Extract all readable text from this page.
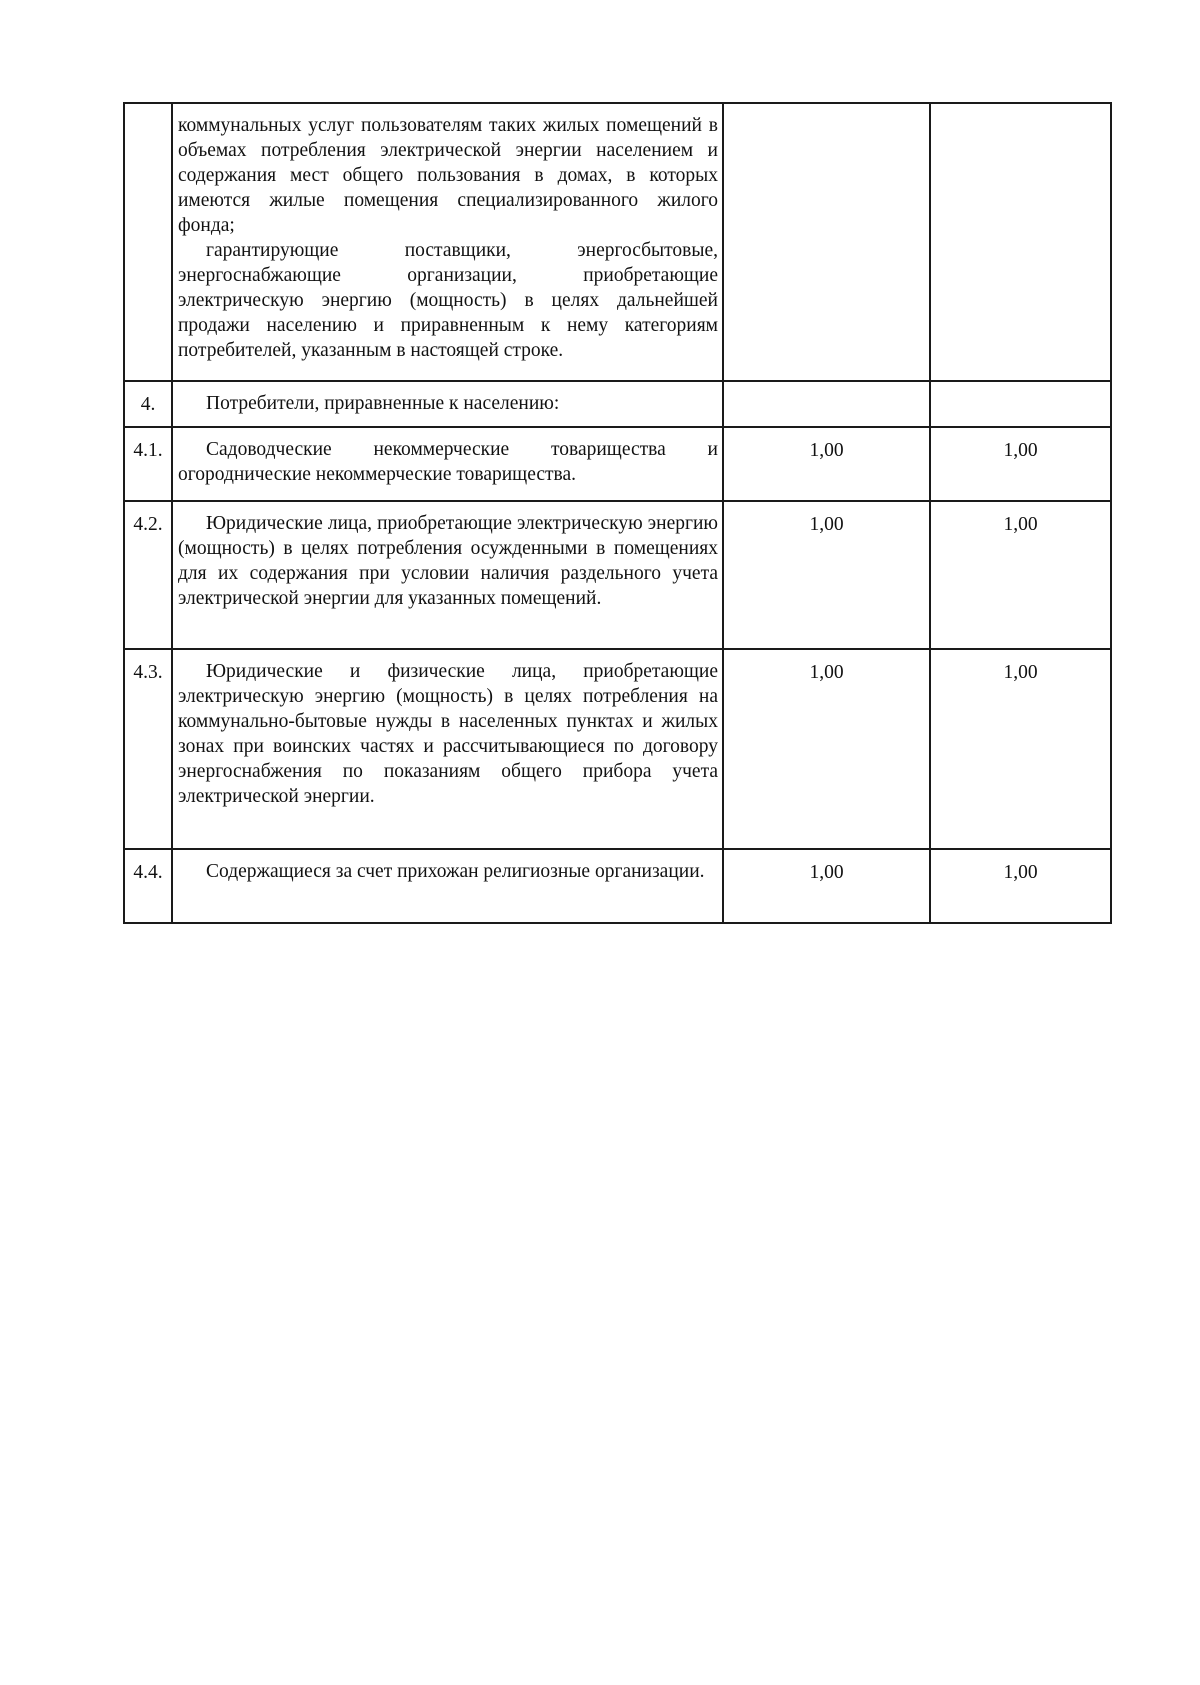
	коммунальных услуг пользователям таких жилых помещений в объемах потребления электрической энергии населением и содержания мест общего пользования в домах, в которых имеются жилые помещения специализированного жилого фонда;

гарантирующие поставщики, энергосбытовые, энергоснабжающие организации, приобретающие электрическую энергию (мощность) в целях дальнейшей продажи населению и приравненным к нему категориям потребителей, указанным в настоящей строке.		

4.	Потребители, приравненные к населению:		
4.1.	Садоводческие некоммерческие товарищества и огороднические некоммерческие товарищества.	1,00	1,00
4.2.	Юридические лица, приобретающие электрическую энергию (мощность) в целях потребления осужденными в помещениях для их содержания при условии наличия раздельного учета электрической энергии для указанных помещений.	1,00	1,00
4.3.	Юридические и физические лица, приобретающие электрическую энергию (мощность) в целях потребления на коммунально-бытовые нужды в населенных пунктах и жилых зонах при воинских частях и рассчитывающиеся по договору энергоснабжения по показаниям общего прибора учета электрической энергии.	1,00	1,00
4.4.	Содержащиеся за счет прихожан религиозные организации.	1,00	1,00
